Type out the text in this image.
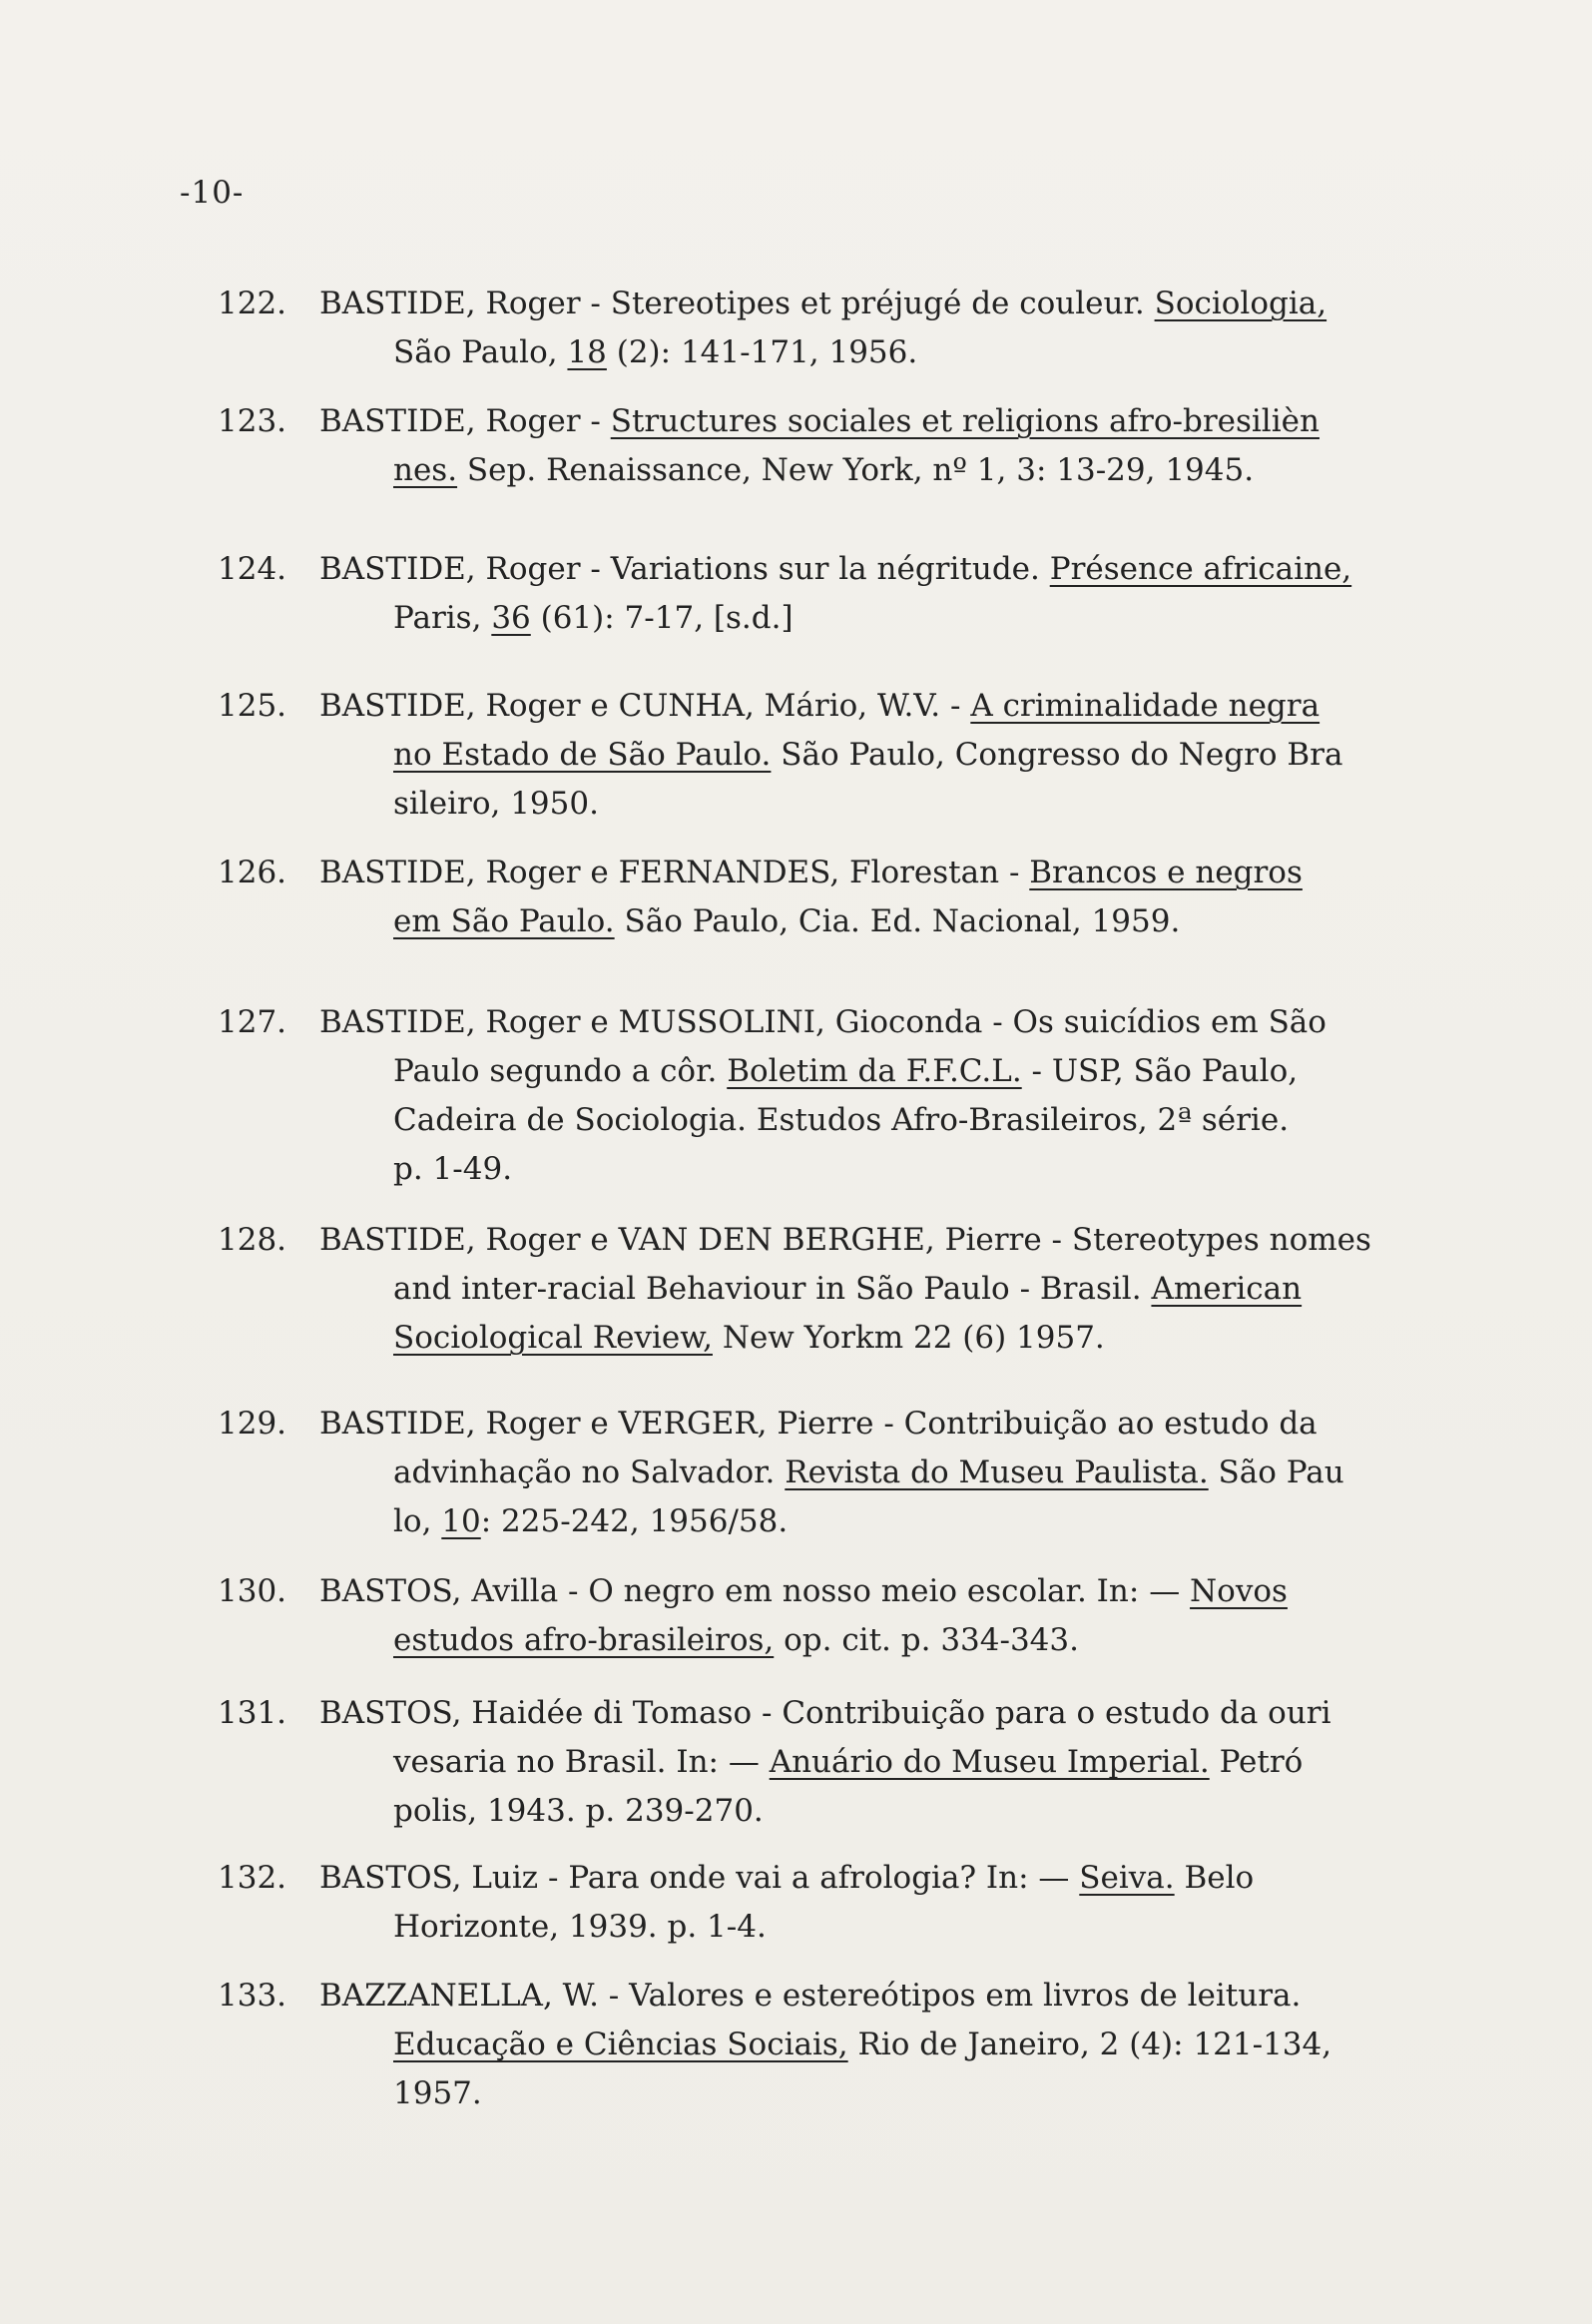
-10-
122. BASTIDE, Roger - Stereotipes et préjugé de couleur. Sociologia,
São Paulo, 18 (2): 141-171, 1956.
123. BASTIDE, Roger - Structures sociales et religions afro-bresilièn
nes. Sep. Renaissance, New York, nº 1, 3: 13-29, 1945.
124. BASTIDE, Roger - Variations sur la négritude. Présence africaine,
Paris, 36 (61): 7-17, [s.d.]
125. BASTIDE, Roger e CUNHA, Mário, W.V. - A criminalidade negra
no Estado de São Paulo. São Paulo, Congresso do Negro Bra
sileiro, 1950.
126. BASTIDE, Roger e FERNANDES, Florestan - Brancos e negros
em São Paulo. São Paulo, Cia. Ed. Nacional, 1959.
127. BASTIDE, Roger e MUSSOLINI, Gioconda - Os suicídios em São
Paulo segundo a côr. Boletim da F.F.C.L. - USP, São Paulo,
Cadeira de Sociologia. Estudos Afro-Brasileiros, 2ª série.
p. 1-49.
128. BASTIDE, Roger e VAN DEN BERGHE, Pierre - Stereotypes nomes
and inter-racial Behaviour in São Paulo - Brasil. American
Sociological Review, New Yorkm 22 (6) 1957.
129. BASTIDE, Roger e VERGER, Pierre - Contribuição ao estudo da
advinhação no Salvador. Revista do Museu Paulista. São Pau
lo, 10: 225-242, 1956/58.
130. BASTOS, Avilla - O negro em nosso meio escolar. In: — Novos
estudos afro-brasileiros, op. cit. p. 334-343.
131. BASTOS, Haidée di Tomaso - Contribuição para o estudo da ouri
vesaria no Brasil. In: — Anuário do Museu Imperial. Petró
polis, 1943. p. 239-270.
132. BASTOS, Luiz - Para onde vai a afrologia? In: — Seiva. Belo
Horizonte, 1939. p. 1-4.
133. BAZZANELLA, W. - Valores e estereótipos em livros de leitura.
Educação e Ciências Sociais, Rio de Janeiro, 2 (4): 121-134,
1957.
